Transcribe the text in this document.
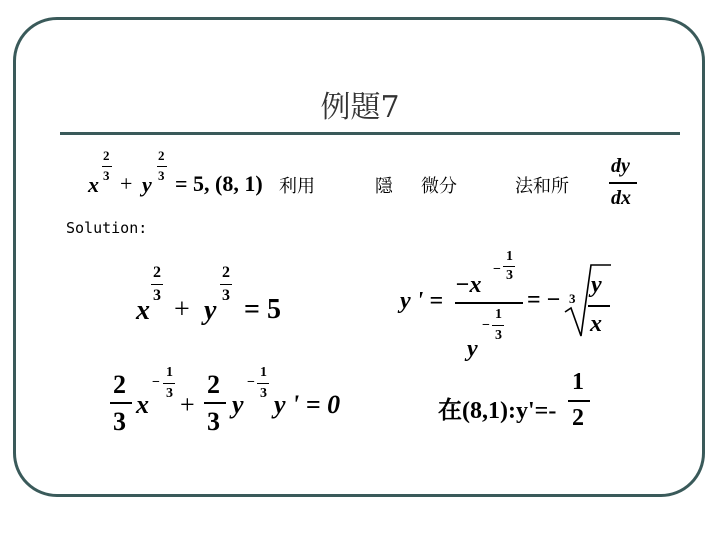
例題7
x
2
3 + y
2
3 = 5, (8, 1) 利用	隱 微分	法和所
dy
dx
Solution:
x
2
3 + y
2
3 = 5
2
3
x
−
1
3 +
2
3
y
−
1
3 y ' = 0
y ' =
−x
−
1
3
y
−
1
3
= − 3
y
x
在(8,1):y'=-
1
2
